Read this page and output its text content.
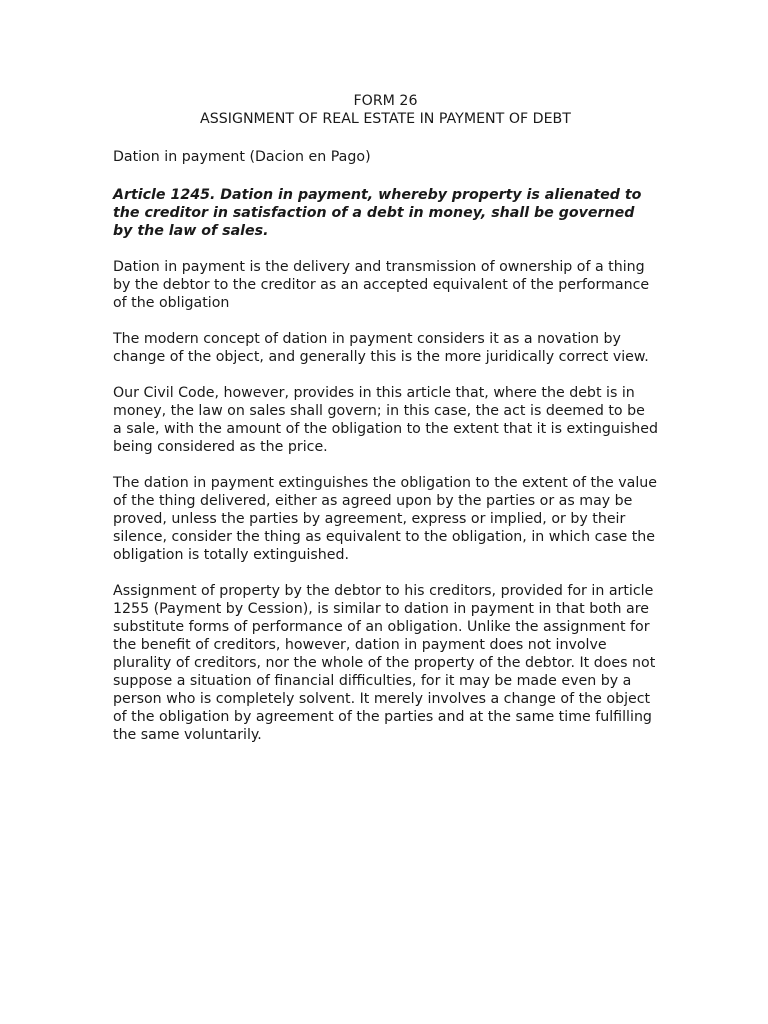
FORM 26
ASSIGNMENT OF REAL ESTATE IN PAYMENT OF DEBT
Dation in payment (Dacion en Pago)
Article 1245. Dation in payment, whereby property is alienated to the creditor in satisfaction of a debt in money, shall be governed by the law of sales.
Dation in payment is the delivery and transmission of ownership of a thing by the debtor to the creditor as an accepted equivalent of the performance of the obligation
The modern concept of dation in payment considers it as a novation by change of the object, and generally this is the more juridically correct view.
Our Civil Code, however, provides in this article that, where the debt is in money, the law on sales shall govern; in this case, the act is deemed to be a sale, with the amount of the obligation to the extent that it is extinguished being considered as the price.
The dation in payment extinguishes the obligation to the extent of the value of the thing delivered, either as agreed upon by the parties or as may be proved, unless the parties by agreement, express or implied, or by their silence, consider the thing as equivalent to the obligation, in which case the obligation is totally extinguished.
Assignment of property by the debtor to his creditors, provided for in article 1255 (Payment by Cession), is similar to dation in payment in that both are substitute forms of performance of an obligation. Unlike the assignment for the benefit of creditors, however, dation in payment does not involve plurality of creditors, nor the whole of the property of the debtor. It does not suppose a situation of financial difficulties, for it may be made even by a person who is completely solvent. It merely involves a change of the object of the obligation by agreement of the parties and at the same time fulfilling the same voluntarily.
